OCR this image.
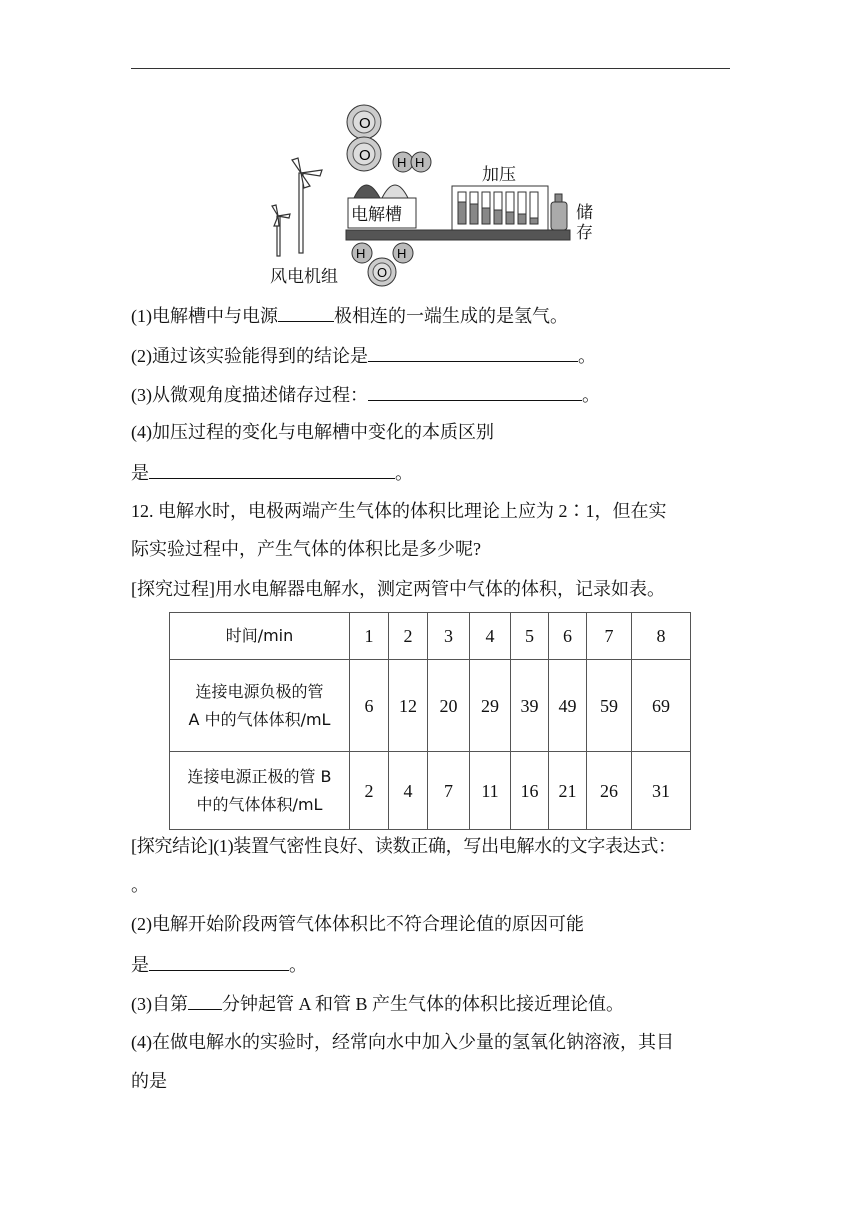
风电机组
O
O H H
电解槽
H H
O
加压
储
存
(1)电解槽中与电源	极相连的一端生成的是氢气。
(2)通过该实验能得到的结论是	。
(3)从微观角度描述储存过程：	。
(4)加压过程的变化与电解槽中变化的本质区别
是	。
12. 电解水时，电极两端产生气体的体积比理论上应为 2∶1，但在实
际实验过程中，产生气体的体积比是多少呢?
[探究过程]用水电解器电解水，测定两管中气体的体积，记录如表。
时间/min	1	2	3	4	5	6	7	8

连接电源负极的管
A 中的气体体积/mL	6	12	20	29	39	49	59	69

连接电源正极的管 B
中的气体体积/mL	2	4	7	11	16	21	26	31
[探究结论](1)装置气密性良好、读数正确，写出电解水的文字表达式：
。
(2)电解开始阶段两管气体体积比不符合理论值的原因可能
是	。
(3)自第 分钟起管 A 和管 B 产生气体的体积比接近理论值。
(4)在做电解水的实验时，经常向水中加入少量的氢氧化钠溶液，其目
的是
